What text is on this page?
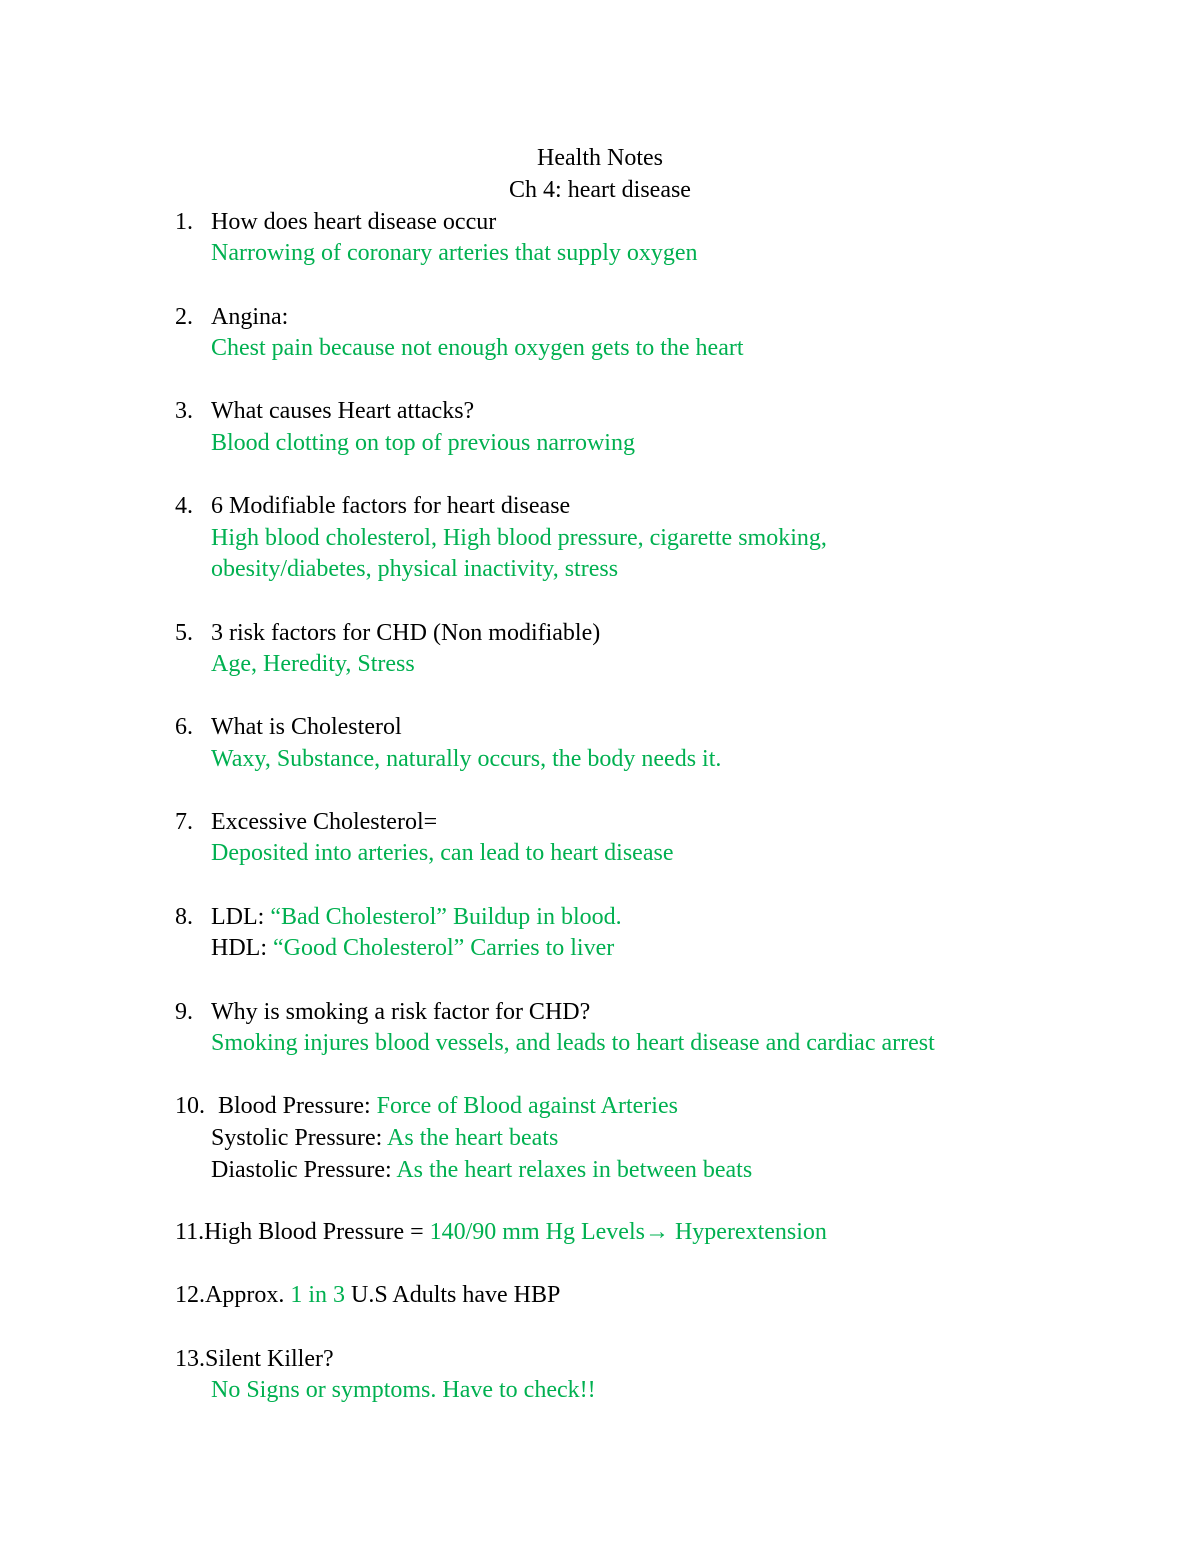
Health Notes
Ch 4: heart disease
1. How does heart disease occur
Narrowing of coronary arteries that supply oxygen
2. Angina:
Chest pain because not enough oxygen gets to the heart
3. What causes Heart attacks?
Blood clotting on top of previous narrowing
4. 6 Modifiable factors for heart disease
High blood cholesterol, High blood pressure, cigarette smoking,
obesity/diabetes, physical inactivity, stress
5. 3 risk factors for CHD (Non modifiable)
Age, Heredity, Stress
6. What is Cholesterol
Waxy, Substance, naturally occurs, the body needs it.
7. Excessive Cholesterol=
Deposited into arteries, can lead to heart disease
8. LDL: “Bad Cholesterol” Buildup in blood.
HDL: “Good Cholesterol” Carries to liver
9. Why is smoking a risk factor for CHD?
Smoking injures blood vessels, and leads to heart disease and cardiac arrest
10. Blood Pressure: Force of Blood against Arteries
Systolic Pressure: As the heart beats
Diastolic Pressure: As the heart relaxes in between beats
11.High Blood Pressure = 140/90 mm Hg Levels→ Hyperextension
12.Approx. 1 in 3 U.S Adults have HBP
13.Silent Killer?
No Signs or symptoms. Have to check!!
